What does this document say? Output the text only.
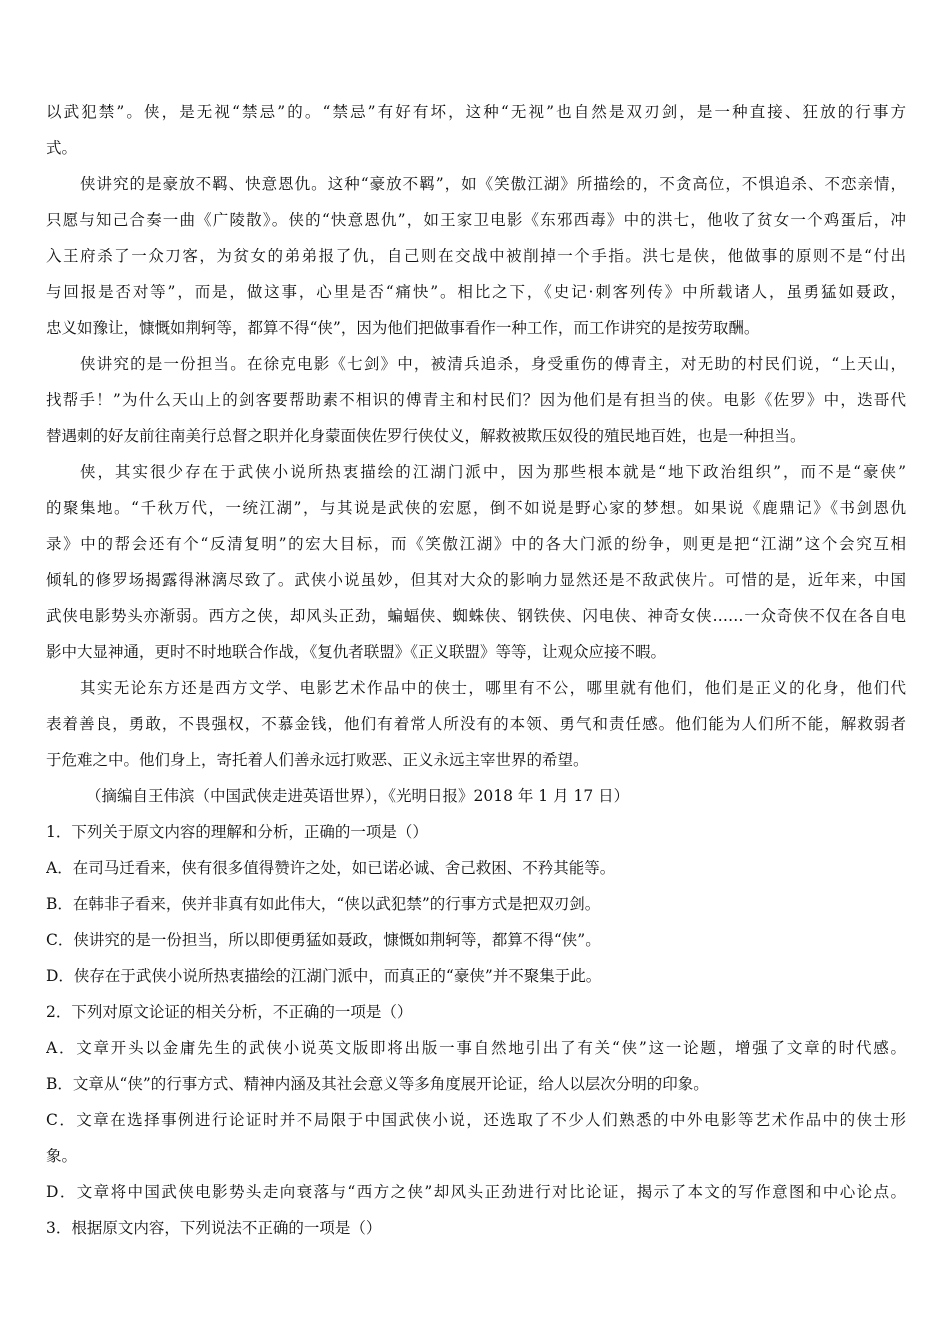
以武犯禁”。侠，是无视“禁忌”的。“禁忌”有好有坏，这种“无视”也自然是双刃剑，是一种直接、狂放的行事方
式。
侠讲究的是豪放不羁、快意恩仇。这种“豪放不羁”，如《笑傲江湖》所描绘的，不贪高位，不惧追杀、不恋亲情，
只愿与知己合奏一曲《广陵散》。侠的“快意恩仇”，如王家卫电影《东邪西毒》中的洪七，他收了贫女一个鸡蛋后，冲
入王府杀了一众刀客，为贫女的弟弟报了仇，自己则在交战中被削掉一个手指。洪七是侠，他做事的原则不是“付出
与回报是否对等”，而是，做这事，心里是否“痛快”。相比之下，《史记·刺客列传》中所载诸人，虽勇猛如聂政，
忠义如豫让，慷慨如荆轲等，都算不得“侠”，因为他们把做事看作一种工作，而工作讲究的是按劳取酬。
侠讲究的是一份担当。在徐克电影《七剑》中，被清兵追杀，身受重伤的傅青主，对无助的村民们说，“上天山，
找帮手！”为什么天山上的剑客要帮助素不相识的傅青主和村民们？因为他们是有担当的侠。电影《佐罗》中，迭哥代
替遇刺的好友前往南美行总督之职并化身蒙面侠佐罗行侠仗义，解救被欺压奴役的殖民地百姓，也是一种担当。
侠，其实很少存在于武侠小说所热衷描绘的江湖门派中，因为那些根本就是“地下政治组织”，而不是“豪侠”
的聚集地。“千秋万代，一统江湖”，与其说是武侠的宏愿，倒不如说是野心家的梦想。如果说《鹿鼎记》《书剑恩仇
录》中的帮会还有个“反清复明”的宏大目标，而《笑傲江湖》中的各大门派的纷争，则更是把“江湖”这个会究互相
倾轧的修罗场揭露得淋漓尽致了。武侠小说虽妙，但其对大众的影响力显然还是不敌武侠片。可惜的是，近年来，中国
武侠电影势头亦渐弱。西方之侠，却风头正劲，蝙蝠侠、蜘蛛侠、钢铁侠、闪电侠、神奇女侠……一众奇侠不仅在各自电
影中大显神通，更时不时地联合作战，《复仇者联盟》《正义联盟》等等，让观众应接不暇。
其实无论东方还是西方文学、电影艺术作品中的侠士，哪里有不公，哪里就有他们，他们是正义的化身，他们代
表着善良，勇敢，不畏强权，不慕金钱，他们有着常人所没有的本领、勇气和责任感。他们能为人们所不能，解救弱者
于危难之中。他们身上，寄托着人们善永远打败恶、正义永远主宰世界的希望。
（摘编自王伟滨（中国武侠走进英语世界），《光明日报》2018 年 1 月 17 日）
1．下列关于原文内容的理解和分析，正确的一项是（）
A．在司马迁看来，侠有很多值得赞许之处，如已诺必诚、舍己救困、不矜其能等。
B．在韩非子看来，侠并非真有如此伟大，“侠以武犯禁”的行事方式是把双刃剑。
C．侠讲究的是一份担当，所以即便勇猛如聂政，慷慨如荆轲等，都算不得“侠”。
D．侠存在于武侠小说所热衷描绘的江湖门派中，而真正的“豪侠”并不聚集于此。
2．下列对原文论证的相关分析，不正确的一项是（）
A．文章开头以金庸先生的武侠小说英文版即将出版一事自然地引出了有关“侠”这一论题，增强了文章的时代感。
B．文章从“侠”的行事方式、精神内涵及其社会意义等多角度展开论证，给人以层次分明的印象。
C．文章在选择事例进行论证时并不局限于中国武侠小说，还选取了不少人们熟悉的中外电影等艺术作品中的侠士形
象。
D．文章将中国武侠电影势头走向衰落与“西方之侠”却风头正劲进行对比论证，揭示了本文的写作意图和中心论点。
3．根据原文内容，下列说法不正确的一项是（）
